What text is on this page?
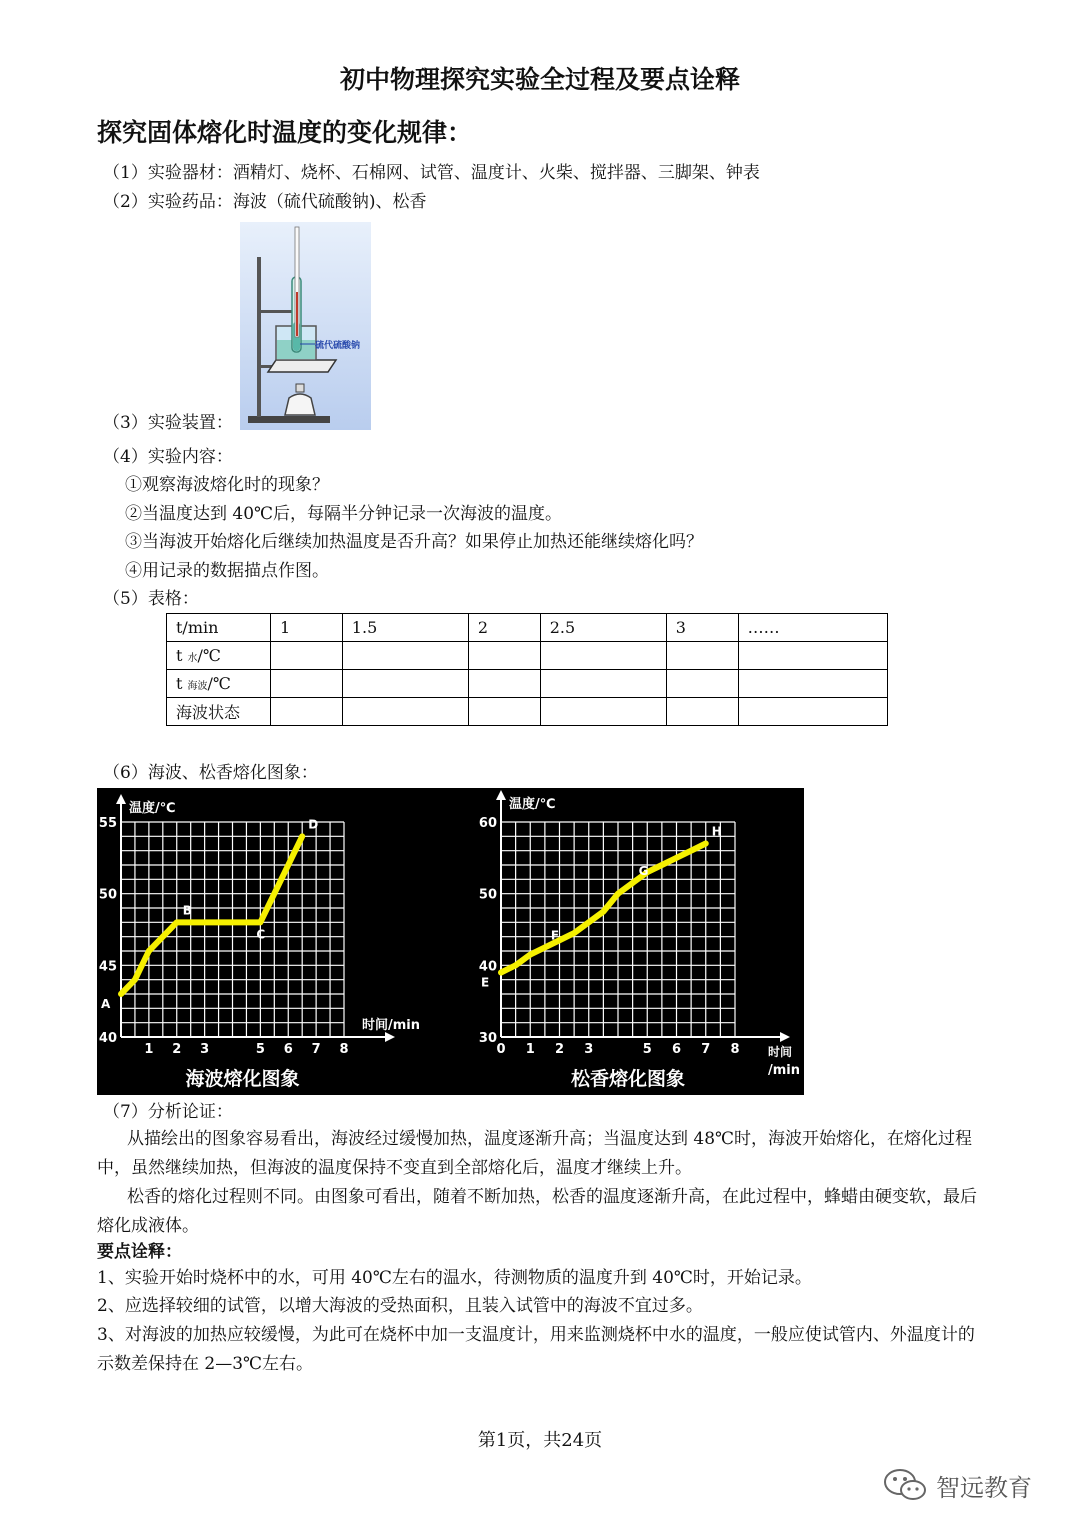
初中物理探究实验全过程及要点诠释
探究固体熔化时温度的变化规律：
（1）实验器材：酒精灯、烧杯、石棉网、试管、温度计、火柴、搅拌器、三脚架、钟表
（2）实验药品：海波（硫代硫酸钠)、松香
硫代硫酸钠
（3）实验装置：
（4）实验内容：
①观察海波熔化时的现象？
②当温度达到 40℃后，每隔半分钟记录一次海波的温度。
③当海波开始熔化后继续加热温度是否升高？如果停止加热还能继续熔化吗？
④用记录的数据描点作图。
（5）表格：
t/min	1	1.5	2	2.5	3	……
t 水/℃						
t 海波/℃						
海波状态						
（6）海波、松香熔化图象：
40
45
50
55
1 2 3	5 6 7 8
温度/℃
时间/min
海波熔化图象
A
B
C
D
30
40
50
60
0 1 2 3	5 6 7 8
温度/℃
时间
/min
松香熔化图象
E
F
G
H
（7）分析论证：
从描绘出的图象容易看出，海波经过缓慢加热，温度逐渐升高；当温度达到 48℃时，海波开始熔化，在熔化过程中，虽然继续加热，但海波的温度保持不变直到全部熔化后，温度才继续上升。
松香的熔化过程则不同。由图象可看出，随着不断加热，松香的温度逐渐升高，在此过程中，蜂蜡由硬变软，最后熔化成液体。
要点诠释：
1、实验开始时烧杯中的水，可用 40℃左右的温水，待测物质的温度升到 40℃时，开始记录。
2、应选择较细的试管，以增大海波的受热面积，且装入试管中的海波不宜过多。
3、对海波的加热应较缓慢，为此可在烧杯中加一支温度计，用来监测烧杯中水的温度，一般应使试管内、外温度计的示数差保持在 2—3℃左右。
第1页，共24页
智远教育
